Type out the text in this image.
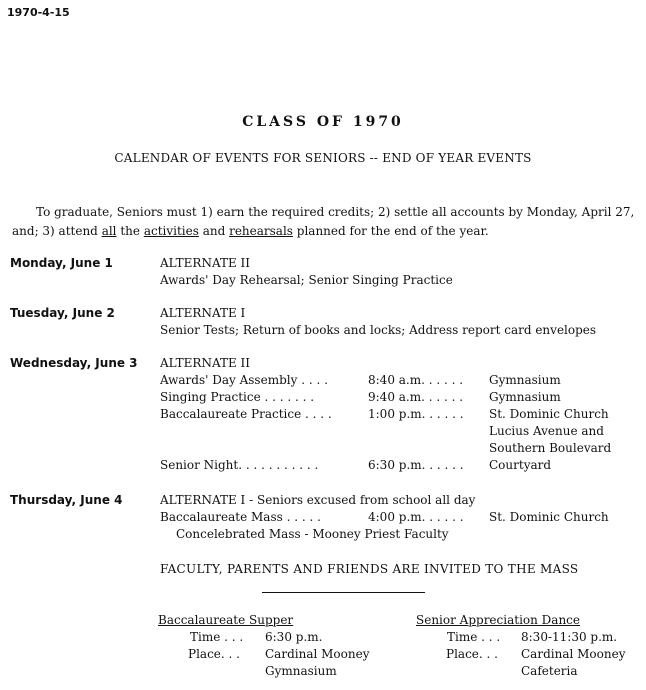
1970-4-15
CLASS OF 1970
CALENDAR OF EVENTS FOR SENIORS -- END OF YEAR EVENTS
To graduate, Seniors must 1) earn the required credits; 2) settle all accounts by Monday, April 27, and; 3) attend all the activities and rehearsals planned for the end of the year.
Monday, June 1	ALTERNATE II
Awards' Day Rehearsal; Senior Singing Practice
Tuesday, June 2	ALTERNATE I
Senior Tests; Return of books and locks; Address report card envelopes
Wednesday, June 3 ALTERNATE II
Awards' Day Assembly . . . .	8:40 a.m. . . . . . Gymnasium
Singing Practice . . . . . . .	9:40 a.m. . . . . . Gymnasium
Baccalaureate Practice . . . .	1:00 p.m. . . . . . St. Dominic Church
Lucius Avenue and
Southern Boulevard
Senior Night. . . . . . . . . . .	6:30 p.m. . . . . . Courtyard
Thursday, June 4	ALTERNATE I - Seniors excused from school all day
Baccalaureate Mass . . . . .	4:00 p.m. . . . . . St. Dominic Church
Concelebrated Mass - Mooney Priest Faculty
FACULTY, PARENTS AND FRIENDS ARE INVITED TO THE MASS
Baccalaureate Supper
Time . . . 6:30 p.m.
Place. . . Cardinal Mooney
Gymnasium
Senior Appreciation Dance
Time . . . 8:30-11:30 p.m.
Place. . . Cardinal Mooney
Cafeteria
